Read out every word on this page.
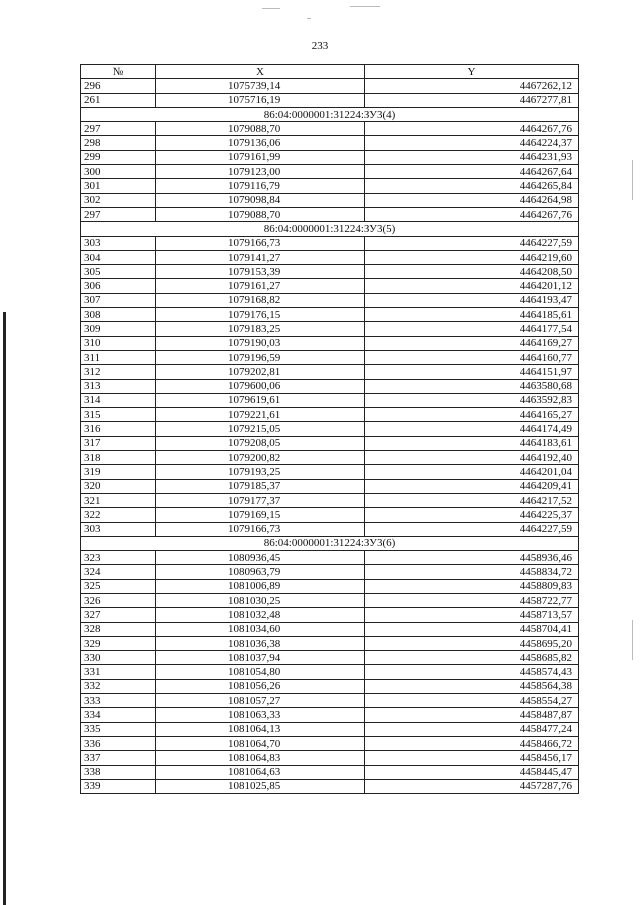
233
№	X	Y
296	1075739,14	4467262,12
261	1075716,19	4467277,81
86:04:0000001:31224:ЗУ3(4)		
297	1079088,70	4464267,76
298	1079136,06	4464224,37
299	1079161,99	4464231,93
300	1079123,00	4464267,64
301	1079116,79	4464265,84
302	1079098,84	4464264,98
297	1079088,70	4464267,76
86:04:0000001:31224:ЗУ3(5)		
303	1079166,73	4464227,59
304	1079141,27	4464219,60
305	1079153,39	4464208,50
306	1079161,27	4464201,12
307	1079168,82	4464193,47
308	1079176,15	4464185,61
309	1079183,25	4464177,54
310	1079190,03	4464169,27
311	1079196,59	4464160,77
312	1079202,81	4464151,97
313	1079600,06	4463580,68
314	1079619,61	4463592,83
315	1079221,61	4464165,27
316	1079215,05	4464174,49
317	1079208,05	4464183,61
318	1079200,82	4464192,40
319	1079193,25	4464201,04
320	1079185,37	4464209,41
321	1079177,37	4464217,52
322	1079169,15	4464225,37
303	1079166,73	4464227,59
86:04:0000001:31224:ЗУ3(6)		
323	1080936,45	4458936,46
324	1080963,79	4458834,72
325	1081006,89	4458809,83
326	1081030,25	4458722,77
327	1081032,48	4458713,57
328	1081034,60	4458704,41
329	1081036,38	4458695,20
330	1081037,94	4458685,82
331	1081054,80	4458574,43
332	1081056,26	4458564,38
333	1081057,27	4458554,27
334	1081063,33	4458487,87
335	1081064,13	4458477,24
336	1081064,70	4458466,72
337	1081064,83	4458456,17
338	1081064,63	4458445,47
339	1081025,85	4457287,76
